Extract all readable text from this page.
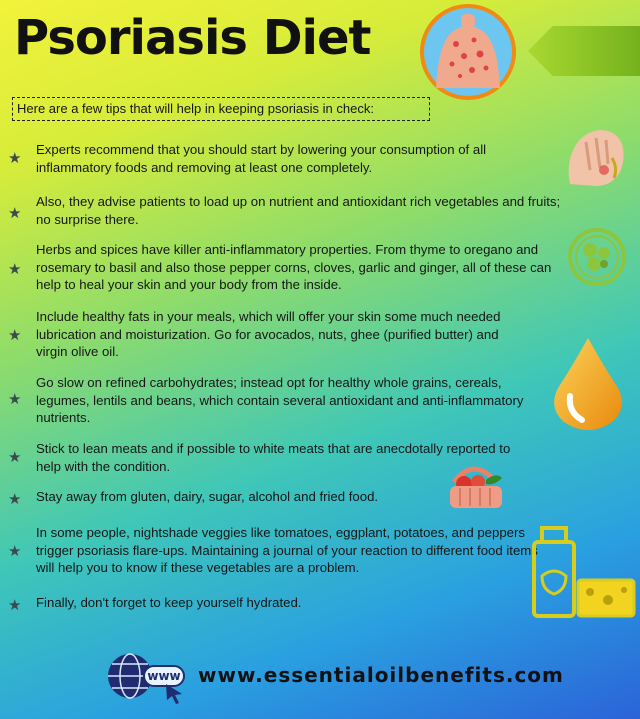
Psoriasis Diet
Here are a few tips that will help in keeping psoriasis in check:
★
Experts recommend that you should start by lowering your consumption of all inflammatory foods and removing at least one completely.
★
Also, they advise patients to load up on nutrient and antioxidant rich vegetables and fruits; no surprise there.
★
Herbs and spices have killer anti-inflammatory properties. From thyme to oregano and rosemary to basil and also those pepper corns, cloves, garlic and ginger, all of these can help to heal your skin and your body from the inside.
★
Include healthy fats in your meals, which will offer your skin some much needed lubrication and moisturization. Go for avocados, nuts, ghee (purified butter) and virgin olive oil.
★
Go slow on refined carbohydrates; instead opt for healthy whole grains, cereals, legumes, lentils and beans, which contain several antioxidant and anti-inflammatory nutrients.
★
Stick to lean meats and if possible to white meats that are anecdotally reported to help with the condition.
★ Stay away from gluten, dairy, sugar, alcohol and fried food.
★
In some people, nightshade veggies like tomatoes, eggplant, potatoes, and peppers trigger psoriasis flare-ups. Maintaining a journal of your reaction to different food items will help you to know if these vegetables are a problem.
★ Finally, don't forget to keep yourself hydrated.
www www.essentialoilbenefits.com
